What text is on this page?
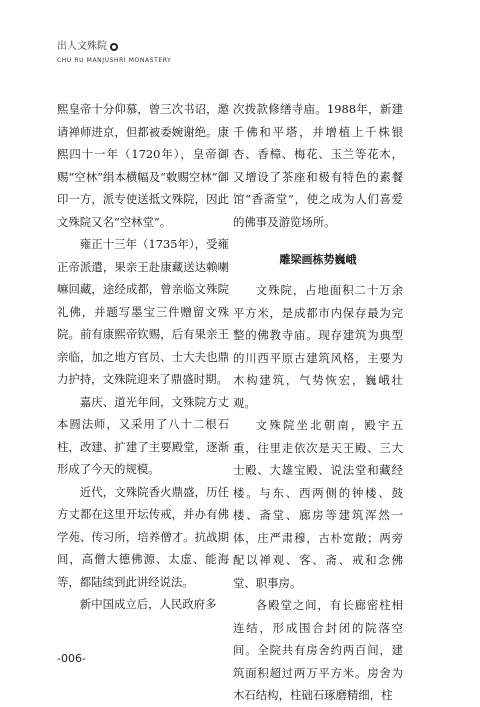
出人文殊院
CHU RU MANJUSHRI MONASTERY

熙皇帝十分仰慕，曾三次书诏，邀请禅师进京，但都被委婉谢绝。康熙四十一年（1720年），皇帝御赐“空林”绢本横幅及“敕赐空林”御印一方，派专使送抵文殊院，因此文殊院又名“空林堂”。

雍正十三年（1735年），受雍正帝派遣，果亲王赴康藏送达赖喇嘛回藏，途经成都，曾亲临文殊院礼佛，并题写墨宝三件赠留文殊院。前有康熙帝钦赐，后有果亲王亲临，加之地方官员、士大夫也鼎力护持，文殊院迎来了鼎盛时期。

嘉庆、道光年间，文殊院方丈本圆法师，又采用了八十二根石柱，改建、扩建了主要殿堂，逐渐形成了今天的规模。

近代，文殊院香火鼎盛，历任方丈都在这里开坛传戒，并办有佛学苑、传习所，培养僧才。抗战期间，高僧大德佛源、太虚、能海等，都陆续到此讲经说法。

新中国成立后，人民政府多

次拨款修缮寺庙。1988年，新建千佛和平塔，并增植上千株银杏、香樟、梅花、玉兰等花木，又增设了茶座和极有特色的素餐馆“香斋堂”，使之成为人们喜爱的佛事及游览场所。

雕梁画栋势巍峨

文殊院，占地面积二十万余平方米，是成都市内保存最为完整的佛教寺庙。现存建筑为典型的川西平原古建筑风格，主要为木构建筑，气势恢宏，巍峨壮观。

文殊院坐北朝南，殿宇五重，往里走依次是天王殿、三大士殿、大雄宝殿、说法堂和藏经楼。与东、西两侧的钟楼、鼓楼、斋堂、廊房等建筑浑然一体，庄严肃穆，古朴宽敞；两旁配以禅观、客、斋、戒和念佛堂、职事房。

各殿堂之间，有长廊密柱相连结，形成围合封闭的院落空间。全院共有房舍约两百间，建筑面积超过两万平方米。房舍为木石结构，柱础石琢磨精细，柱

-006-
